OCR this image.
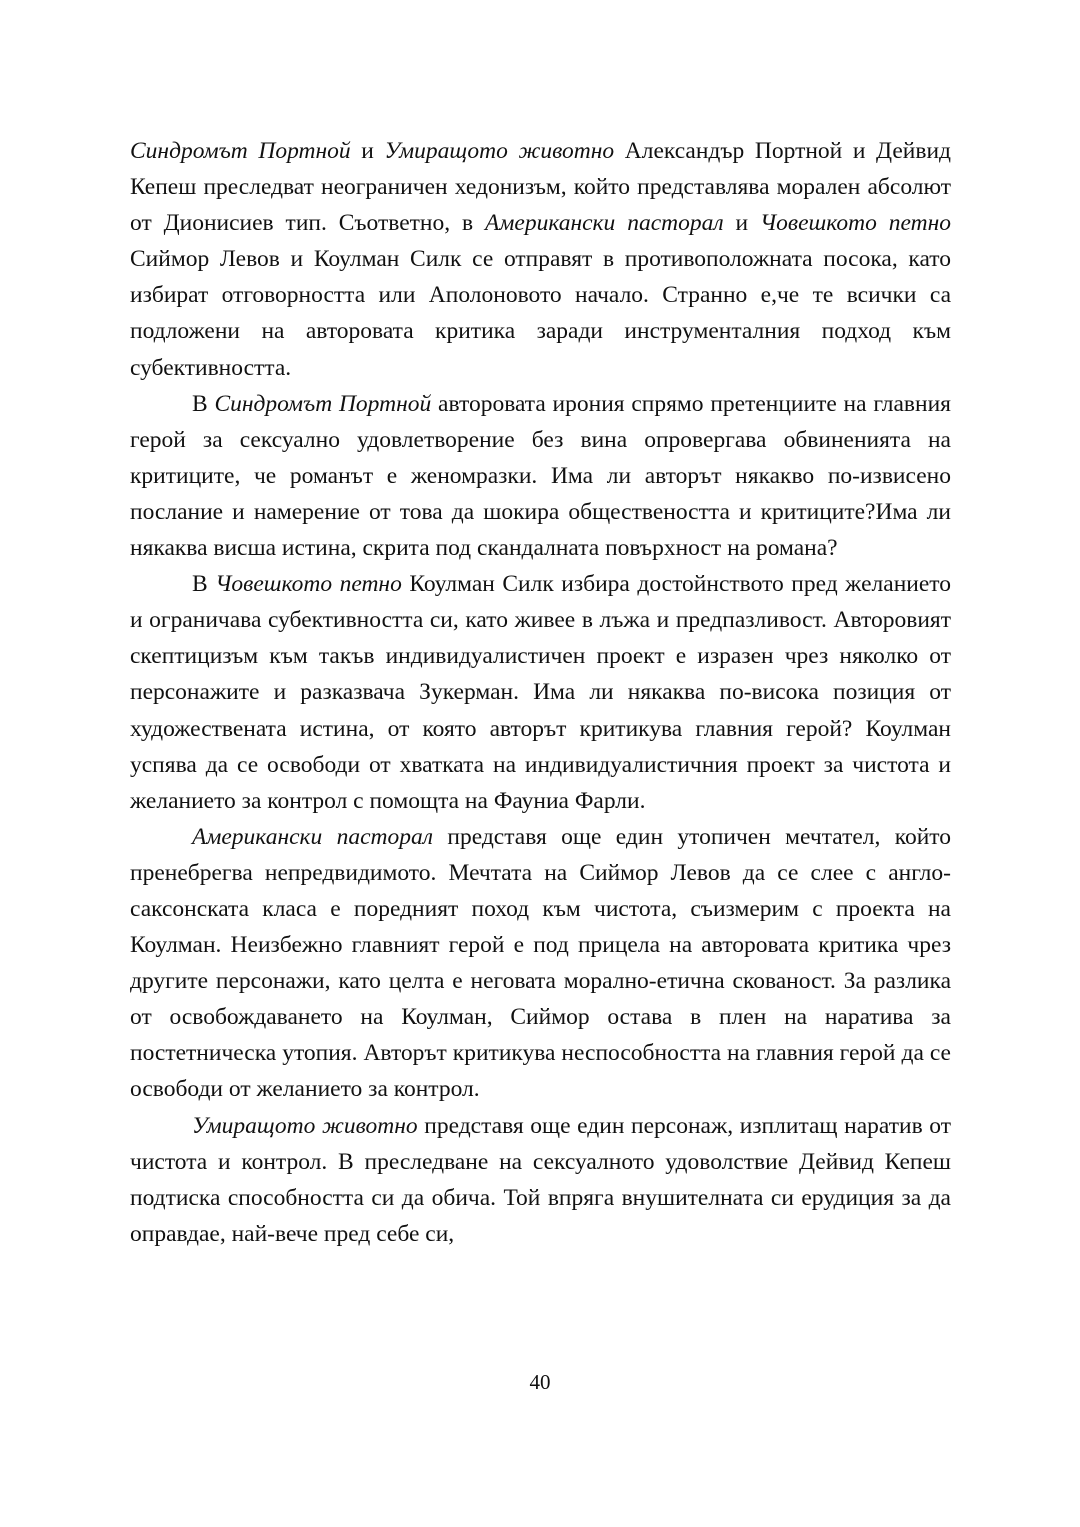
Синдромът Портной и Умиращото животно Александър Портной и Дейвид Кепеш преследват неограничен хедонизъм, който представлява морален абсолют от Дионисиев тип. Съответно, в Американски пасторал и Човешкото петно Сиймор Левов и Коулман Силк се отправят в противоположната посока, като избират отговорността или Аполоновото начало. Странно е,че те всички са подложени на авторовата критика заради инструменталния подход към субективността.

В Синдромът Портной авторовата ирония спрямо претенциите на главния герой за сексуално удовлетворение без вина опровергава обвиненията на критиците, че романът е женомразки. Има ли авторът някакво по-извисено послание и намерение от това да шокира обществеността и критиците?Има ли някаква висша истина, скрита под скандалната повърхност на романа?

В Човешкото петно Коулман Силк избира достойнството пред желанието и ограничава субективността си, като живее в лъжа и предпазливост. Авторовият скептицизъм към такъв индивидуалистичен проект е изразен чрез няколко от персонажите и разказвача Зукерман. Има ли някаква по-висока позиция от художествената истина, от която авторът критикува главния герой? Коулман успява да се освободи от хватката на индивидуалистичния проект за чистота и желанието за контрол с помощта на Фауниа Фарли.

Американски пасторал представя още един утопичен мечтател, който пренебрегва непредвидимото. Мечтата на Сиймор Левов да се слее с англо-саксонската класа е поредният поход към чистота, съизмерим с проекта на Коулман. Неизбежно главният герой е под прицела на авторовата критика чрез другите персонажи, като целта е неговата морално-етична скованост. За разлика от освобождаването на Коулман, Сиймор остава в плен на наратива за постетническа утопия. Авторът критикува неспособността на главния герой да се освободи от желанието за контрол.

Умиращото животно представя още един персонаж, изплитащ наратив от чистота и контрол. В преследване на сексуалното удоволствие Дейвид Кепеш подтиска способността си да обича. Той впряга внушителната си ерудиция за да оправдае, най-вече пред себе си,

40
